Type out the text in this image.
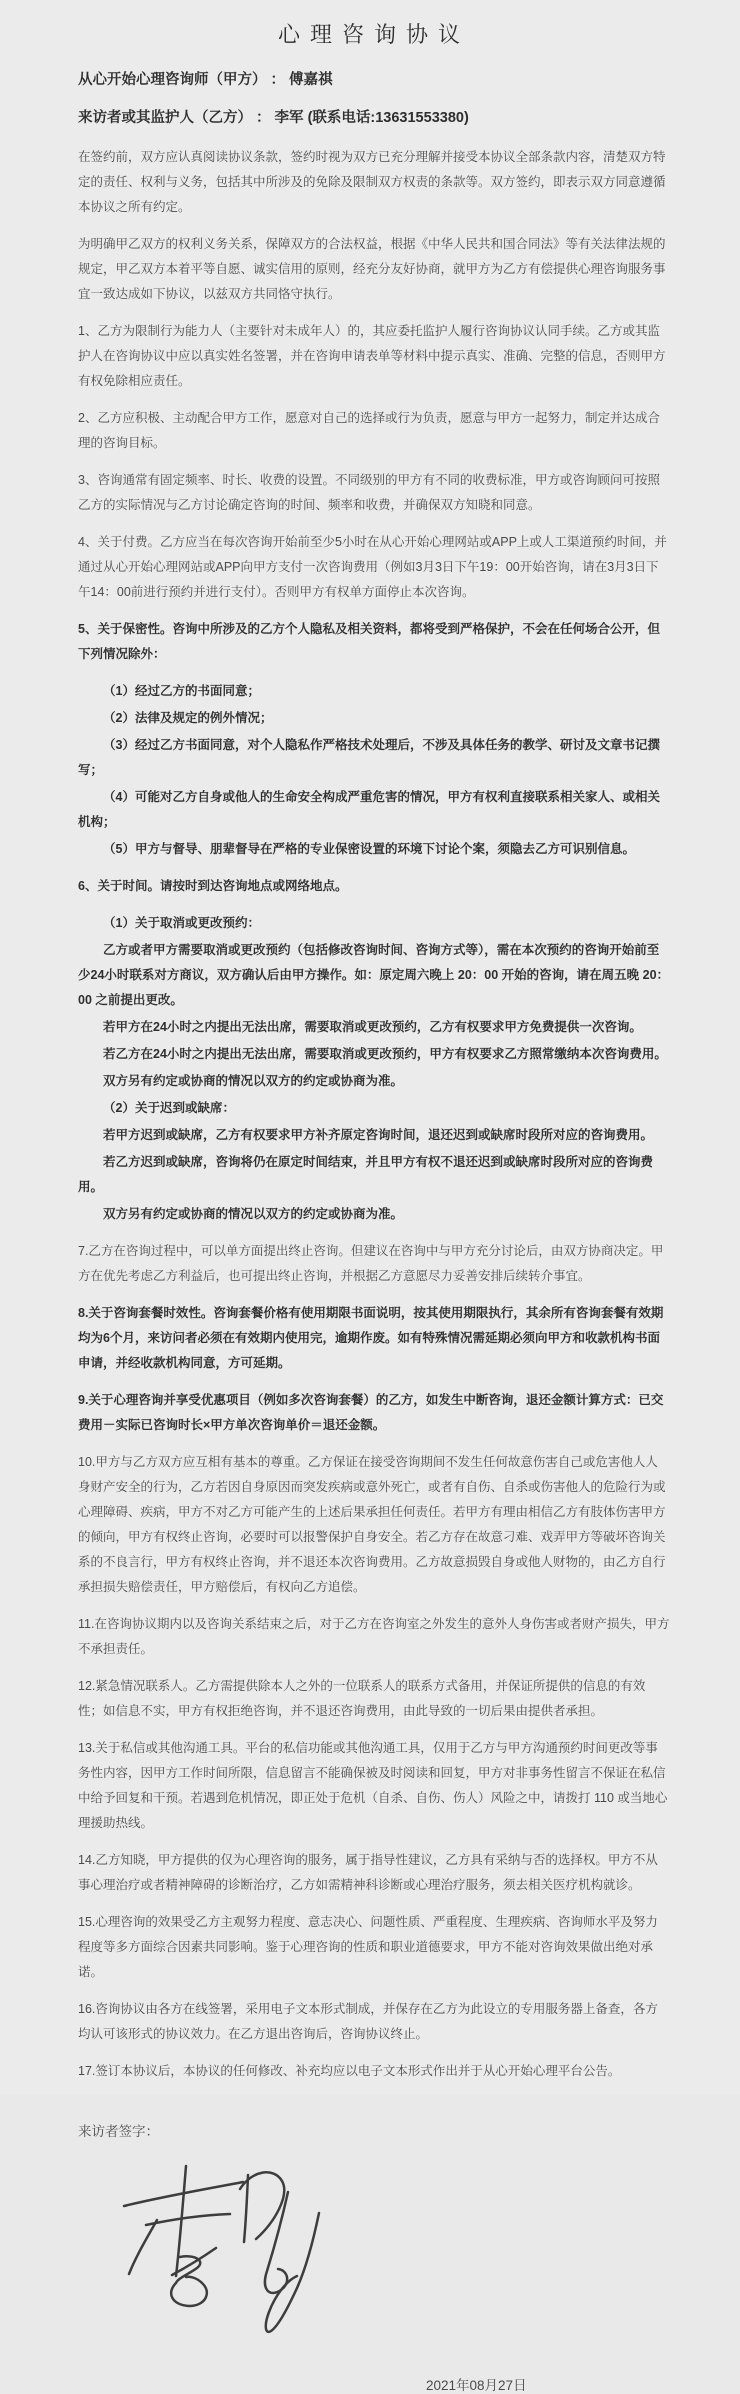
心理咨询协议
从心开始心理咨询师（甲方） ： 傅嘉祺
来访者或其监护人（乙方） ： 李军 (联系电话:13631553380)

在签约前，双方应认真阅读协议条款，签约时视为双方已充分理解并接受本协议全部条款内容，清楚双方特定的责任、权利与义务，包括其中所涉及的免除及限制双方权责的条款等。双方签约，即表示双方同意遵循本协议之所有约定。

为明确甲乙双方的权利义务关系，保障双方的合法权益，根据《中华人民共和国合同法》等有关法律法规的规定，甲乙双方本着平等自愿、诚实信用的原则，经充分友好协商，就甲方为乙方有偿提供心理咨询服务事宜一致达成如下协议，以兹双方共同恪守执行。

1、乙方为限制行为能力人（主要针对未成年人）的，其应委托监护人履行咨询协议认同手续。乙方或其监护人在咨询协议中应以真实姓名签署，并在咨询申请表单等材料中提示真实、准确、完整的信息，否则甲方有权免除相应责任。

2、乙方应积极、主动配合甲方工作，愿意对自己的选择或行为负责，愿意与甲方一起努力，制定并达成合理的咨询目标。

3、咨询通常有固定频率、时长、收费的设置。不同级别的甲方有不同的收费标准，甲方或咨询顾问可按照乙方的实际情况与乙方讨论确定咨询的时间、频率和收费，并确保双方知晓和同意。

4、关于付费。乙方应当在每次咨询开始前至少5小时在从心开始心理网站或APP上或人工渠道预约时间，并通过从心开始心理网站或APP向甲方支付一次咨询费用（例如3月3日下午19：00开始咨询，请在3月3日下午14：00前进行预约并进行支付）。否则甲方有权单方面停止本次咨询。

5、关于保密性。咨询中所涉及的乙方个人隐私及相关资料，都将受到严格保护，不会在任何场合公开，但下列情况除外：

（1）经过乙方的书面同意；

（2）法律及规定的例外情况；

（3）经过乙方书面同意，对个人隐私作严格技术处理后，不涉及具体任务的教学、研讨及文章书记撰写；

（4）可能对乙方自身或他人的生命安全构成严重危害的情况，甲方有权利直接联系相关家人、或相关机构；

（5）甲方与督导、朋辈督导在严格的专业保密设置的环境下讨论个案，须隐去乙方可识别信息。

6、关于时间。请按时到达咨询地点或网络地点。

（1）关于取消或更改预约：

乙方或者甲方需要取消或更改预约（包括修改咨询时间、咨询方式等），需在本次预约的咨询开始前至少24小时联系对方商议，双方确认后由甲方操作。如：原定周六晚上 20：00 开始的咨询，请在周五晚 20：00 之前提出更改。

若甲方在24小时之内提出无法出席，需要取消或更改预约，乙方有权要求甲方免费提供一次咨询。

若乙方在24小时之内提出无法出席，需要取消或更改预约，甲方有权要求乙方照常缴纳本次咨询费用。

双方另有约定或协商的情况以双方的约定或协商为准。

（2）关于迟到或缺席：

若甲方迟到或缺席，乙方有权要求甲方补齐原定咨询时间，退还迟到或缺席时段所对应的咨询费用。

若乙方迟到或缺席，咨询将仍在原定时间结束，并且甲方有权不退还迟到或缺席时段所对应的咨询费用。

双方另有约定或协商的情况以双方的约定或协商为准。

7.乙方在咨询过程中，可以单方面提出终止咨询。但建议在咨询中与甲方充分讨论后，由双方协商决定。甲方在优先考虑乙方利益后，也可提出终止咨询，并根据乙方意愿尽力妥善安排后续转介事宜。

8.关于咨询套餐时效性。咨询套餐价格有使用期限书面说明，按其使用期限执行，其余所有咨询套餐有效期均为6个月，来访问者必须在有效期内使用完，逾期作废。如有特殊情况需延期必须向甲方和收款机构书面申请，并经收款机构同意，方可延期。

9.关于心理咨询并享受优惠项目（例如多次咨询套餐）的乙方，如发生中断咨询，退还金额计算方式：已交费用－实际已咨询时长×甲方单次咨询单价＝退还金额。

10.甲方与乙方双方应互相有基本的尊重。乙方保证在接受咨询期间不发生任何故意伤害自己或危害他人人身财产安全的行为，乙方若因自身原因而突发疾病或意外死亡，或者有自伤、自杀或伤害他人的危险行为或心理障碍、疾病，甲方不对乙方可能产生的上述后果承担任何责任。若甲方有理由相信乙方有肢体伤害甲方的倾向，甲方有权终止咨询，必要时可以报警保护自身安全。若乙方存在故意刁难、戏弄甲方等破坏咨询关系的不良言行，甲方有权终止咨询，并不退还本次咨询费用。乙方故意损毁自身或他人财物的，由乙方自行承担损失赔偿责任，甲方赔偿后，有权向乙方追偿。

11.在咨询协议期内以及咨询关系结束之后，对于乙方在咨询室之外发生的意外人身伤害或者财产损失，甲方不承担责任。

12.紧急情况联系人。乙方需提供除本人之外的一位联系人的联系方式备用，并保证所提供的信息的有效性；如信息不实，甲方有权拒绝咨询，并不退还咨询费用，由此导致的一切后果由提供者承担。

13.关于私信或其他沟通工具。平台的私信功能或其他沟通工具，仅用于乙方与甲方沟通预约时间更改等事务性内容，因甲方工作时间所限，信息留言不能确保被及时阅读和回复，甲方对非事务性留言不保证在私信中给予回复和干预。若遇到危机情况，即正处于危机（自杀、自伤、伤人）风险之中，请拨打 110 或当地心理援助热线。

14.乙方知晓，甲方提供的仅为心理咨询的服务，属于指导性建议，乙方具有采纳与否的选择权。甲方不从事心理治疗或者精神障碍的诊断治疗，乙方如需精神科诊断或心理治疗服务，须去相关医疗机构就诊。

15.心理咨询的效果受乙方主观努力程度、意志决心、问题性质、严重程度、生理疾病、咨询师水平及努力程度等多方面综合因素共同影响。鉴于心理咨询的性质和职业道德要求，甲方不能对咨询效果做出绝对承诺。

16.咨询协议由各方在线签署，采用电子文本形式制成，并保存在乙方为此设立的专用服务器上备查，各方均认可该形式的协议效力。在乙方退出咨询后，咨询协议终止。

17.签订本协议后，本协议的任何修改、补充均应以电子文本形式作出并于从心开始心理平台公告。

来访者签字：
2021年08月27日
